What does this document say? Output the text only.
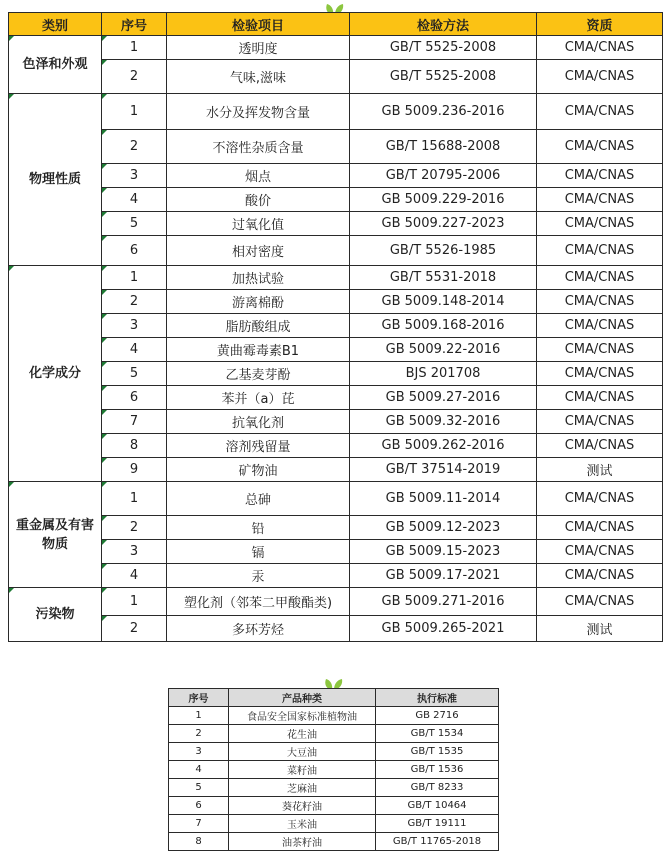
类别	序号	检验项目	检验方法	资质

色泽和外观	1	透明度	GB/T 5525-2008	CMA/CNAS

2	气味,滋味	GB/T 5525-2008	CMA/CNAS

物理性质	1	水分及挥发物含量	GB 5009.236-2016	CMA/CNAS

2	不溶性杂质含量	GB/T 15688-2008	CMA/CNAS

3	烟点	GB/T 20795-2006	CMA/CNAS

4	酸价	GB 5009.229-2016	CMA/CNAS

5	过氧化值	GB 5009.227-2023	CMA/CNAS

6	相对密度	GB/T 5526-1985	CMA/CNAS

化学成分	1	加热试验	GB/T 5531-2018	CMA/CNAS

2	游离棉酚	GB 5009.148-2014	CMA/CNAS

3	脂肪酸组成	GB 5009.168-2016	CMA/CNAS

4	黄曲霉毒素B1	GB 5009.22-2016	CMA/CNAS

5	乙基麦芽酚	BJS 201708	CMA/CNAS

6	苯并（a）芘	GB 5009.27-2016	CMA/CNAS

7	抗氧化剂	GB 5009.32-2016	CMA/CNAS

8	溶剂残留量	GB 5009.262-2016	CMA/CNAS

9	矿物油	GB/T 37514-2019	测试

重金属及有害物质	1	总砷	GB 5009.11-2014	CMA/CNAS

2	铅	GB 5009.12-2023	CMA/CNAS

3	镉	GB 5009.15-2023	CMA/CNAS

4	汞	GB 5009.17-2021	CMA/CNAS

污染物	1	塑化剂（邻苯二甲酸酯类)	GB 5009.271-2016	CMA/CNAS

2	多环芳烃	GB 5009.265-2021	测试
序号	产品种类	执行标准
1	食品安全国家标准植物油	GB 2716
2	花生油	GB/T 1534
3	大豆油	GB/T 1535
4	菜籽油	GB/T 1536
5	芝麻油	GB/T 8233
6	葵花籽油	GB/T 10464
7	玉米油	GB/T 19111
8	油茶籽油	GB/T 11765-2018
